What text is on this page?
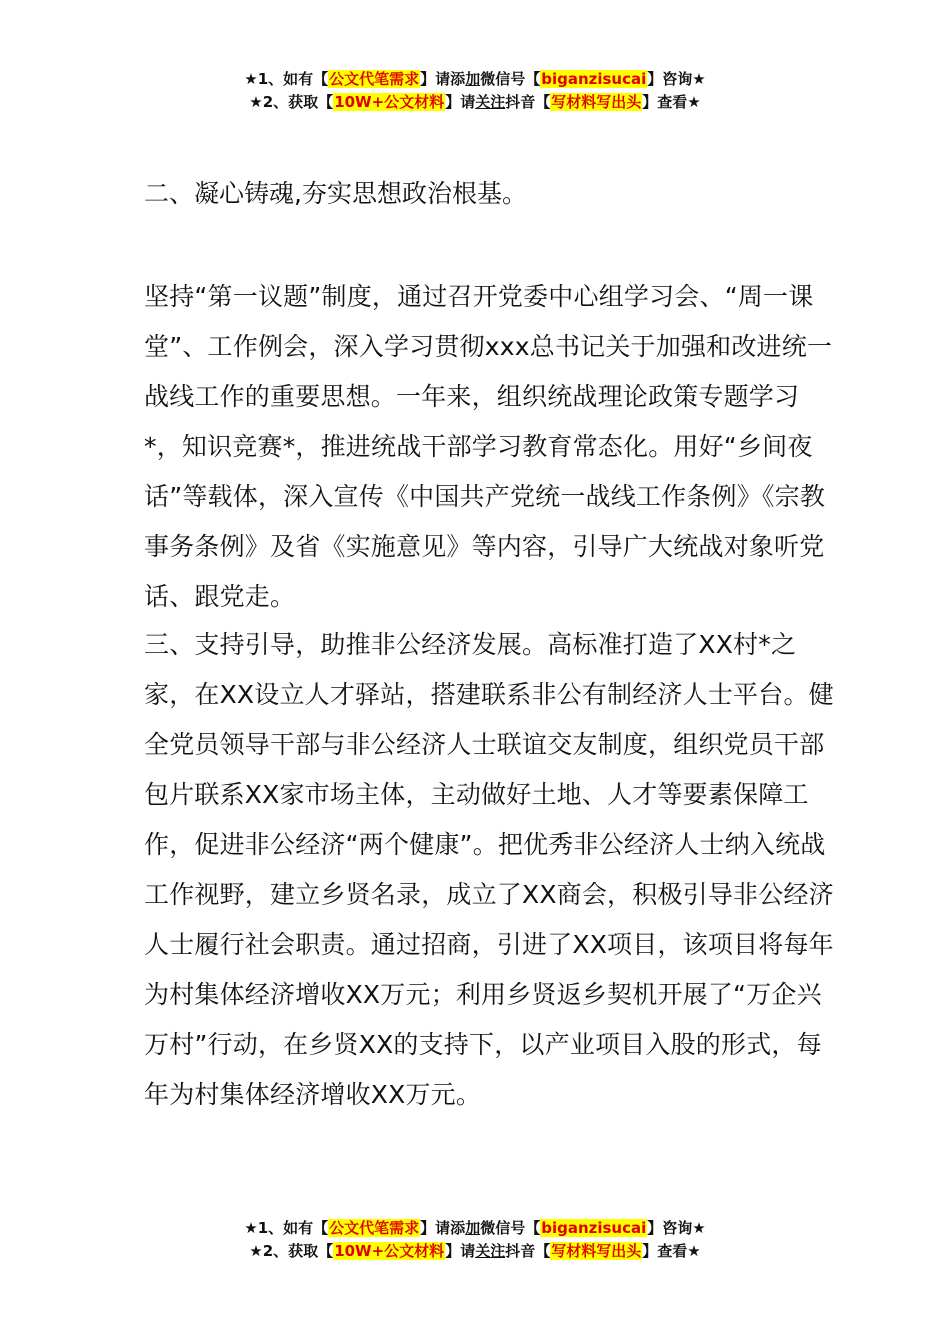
★1、如有【公文代笔需求】请添加微信号【biganzisucai】咨询★
★2、获取【10W+公文材料】请关注抖音【写材料写出头】查看★
二、凝心铸魂,夯实思想政治根基。
坚持“第一议题”制度，通过召开党委中心组学习会、“周一课堂”、工作例会，深入学习贯彻xxx总书记关于加强和改进统一战线工作的重要思想。一年来，组织统战理论政策专题学习*，知识竞赛*，推进统战干部学习教育常态化。用好“乡间夜话”等载体，深入宣传《中国共产党统一战线工作条例》《宗教事务条例》及省《实施意见》等内容，引导广大统战对象听党话、跟党走。
三、支持引导，助推非公经济发展。高标准打造了XX村*之家，在XX设立人才驿站，搭建联系非公有制经济人士平台。健全党员领导干部与非公经济人士联谊交友制度，组织党员干部包片联系XX家市场主体，主动做好土地、人才等要素保障工作，促进非公经济“两个健康”。把优秀非公经济人士纳入统战工作视野，建立乡贤名录，成立了XX商会，积极引导非公经济人士履行社会职责。通过招商，引进了XX项目，该项目将每年为村集体经济增收XX万元；利用乡贤返乡契机开展了“万企兴万村”行动，在乡贤XX的支持下，以产业项目入股的形式，每年为村集体经济增收XX万元。
★1、如有【公文代笔需求】请添加微信号【biganzisucai】咨询★
★2、获取【10W+公文材料】请关注抖音【写材料写出头】查看★
